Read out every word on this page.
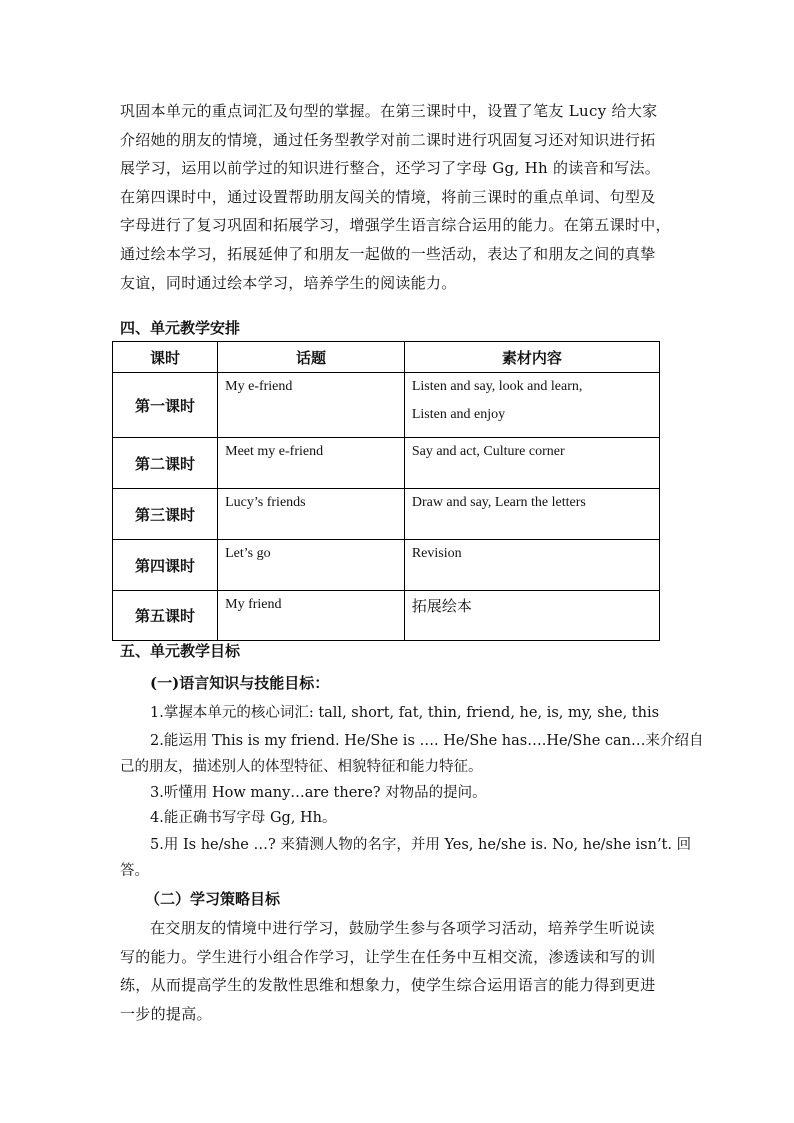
巩固本单元的重点词汇及句型的掌握。在第三课时中，设置了笔友 Lucy 给大家
介绍她的朋友的情境，通过任务型教学对前二课时进行巩固复习还对知识进行拓
展学习，运用以前学过的知识进行整合，还学习了字母 Gg, Hh 的读音和写法。
在第四课时中，通过设置帮助朋友闯关的情境，将前三课时的重点单词、句型及
字母进行了复习巩固和拓展学习，增强学生语言综合运用的能力。在第五课时中，
通过绘本学习，拓展延伸了和朋友一起做的一些活动，表达了和朋友之间的真挚
友谊，同时通过绘本学习，培养学生的阅读能力。
四、单元教学安排
课时	话题	素材内容
第一课时	My e-friend	Listen and say, look and learn,
Listen and enjoy

第二课时	Meet my e-friend	Say and act, Culture corner

第三课时	Lucy’s friends	Draw and say, Learn the letters

第四课时	Let’s go	Revision

第五课时	My friend	拓展绘本
五、单元教学目标
(一)语言知识与技能目标：
1.掌握本单元的核心词汇: tall, short, fat, thin, friend, he, is, my, she, this
2.能运用 This is my friend. He/She is …. He/She has….He/She can…来介绍自
己的朋友，描述别人的体型特征、相貌特征和能力特征。
3.听懂用 How many…are there? 对物品的提问。
4.能正确书写字母 Gg, Hh。
5.用 Is he/she …? 来猜测人物的名字，并用 Yes, he/she is. No, he/she isn’t. 回
答。
（二）学习策略目标
在交朋友的情境中进行学习，鼓励学生参与各项学习活动，培养学生听说读
写的能力。学生进行小组合作学习，让学生在任务中互相交流，渗透读和写的训
练，从而提高学生的发散性思维和想象力，使学生综合运用语言的能力得到更进
一步的提高。
